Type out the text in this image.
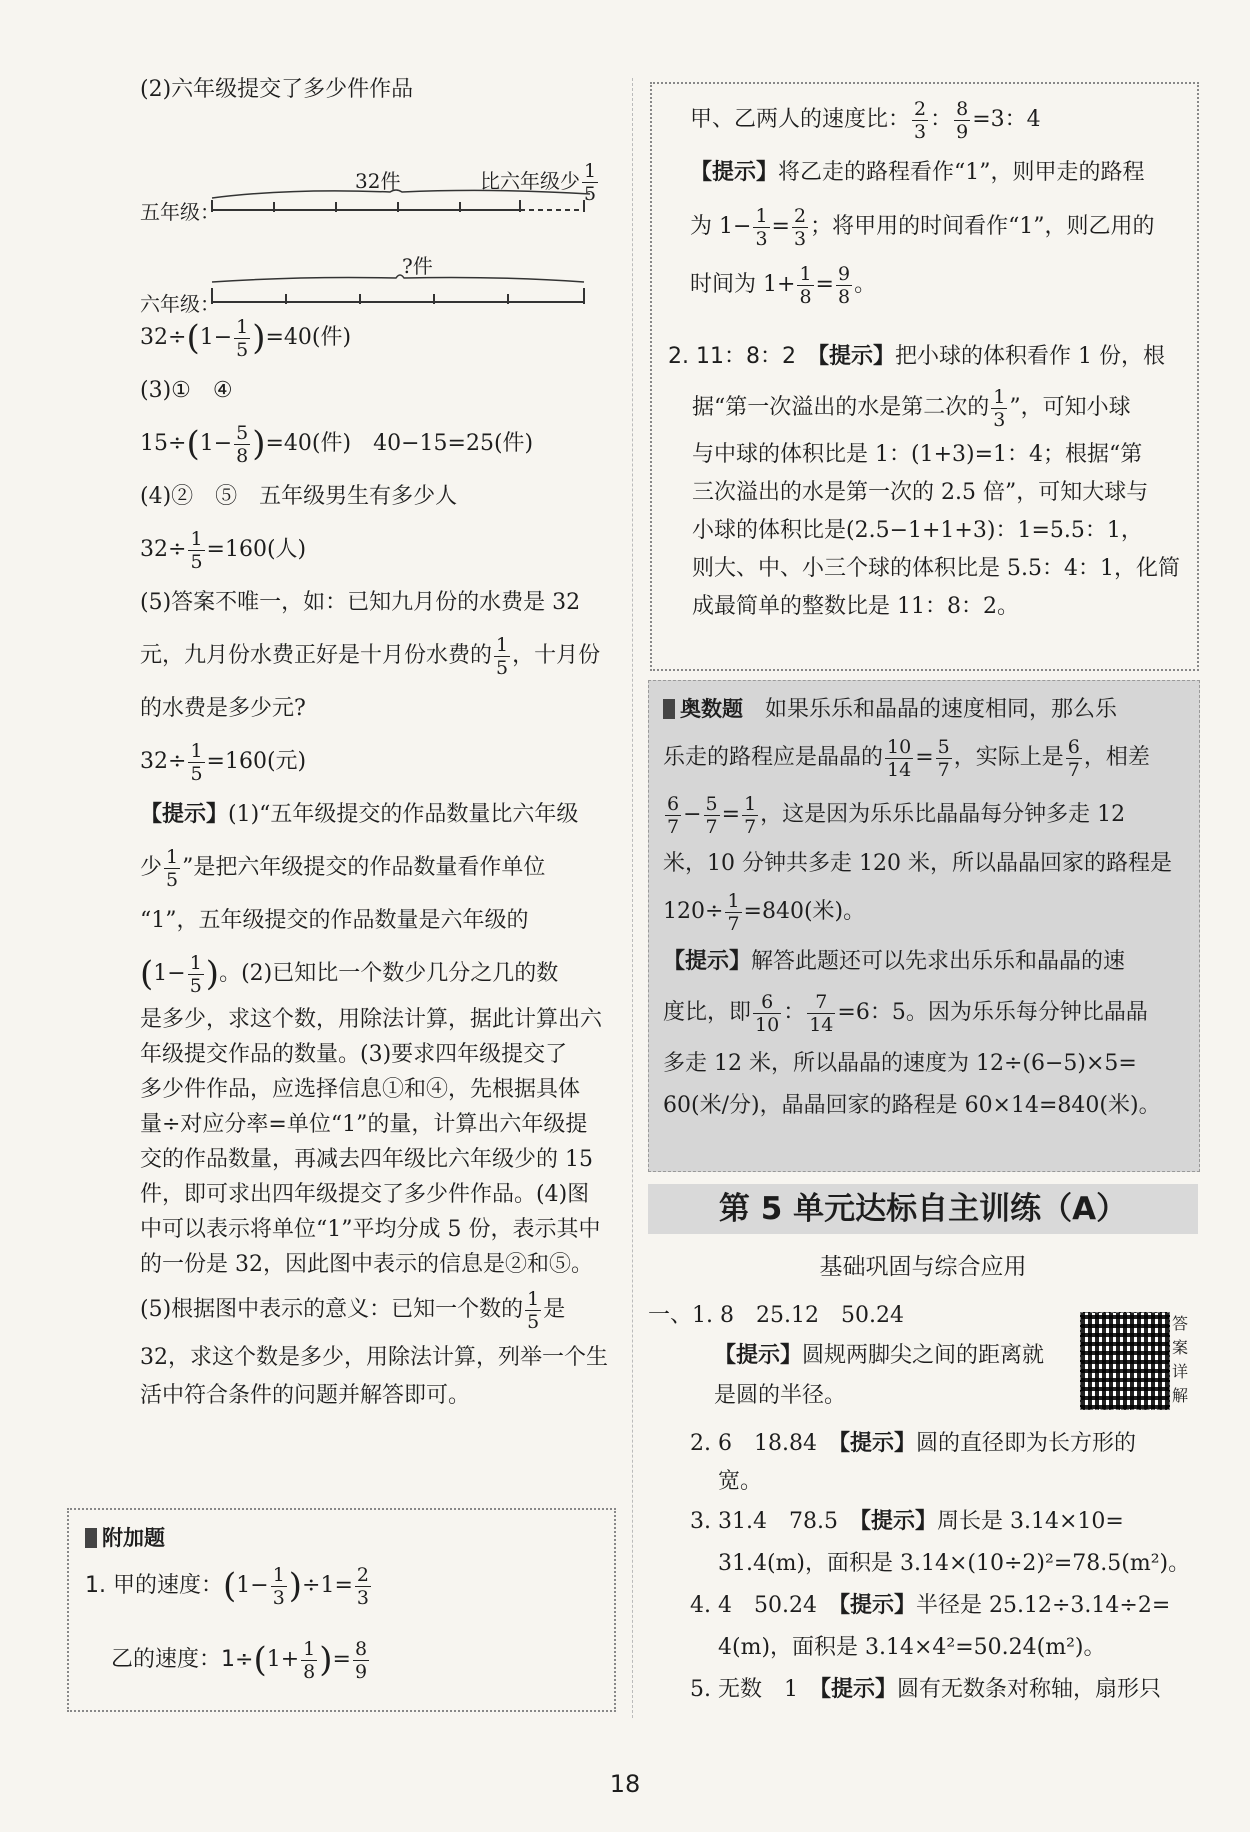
(2)六年级提交了多少件作品
五年级：
六年级：
32件	比六年级少 $\frac{1}{5}$
?件
$32\div(1- \frac{1}{5} )=40$(件)
(3)①　④
$15\div(1- \frac{5}{8} )=40$(件)　40−15=25(件)
(4)②　⑤　五年级男生有多少人
$32\div \frac{1}{5} =160$(人)
(5)答案不唯一，如：已知九月份的水费是 32
元，九月份水费正好是十月份水费的 $\frac{1}{5}$ ，十月份
的水费是多少元?
$32\div \frac{1}{5} =160$(元)
【提示】(1)“五年级提交的作品数量比六年级
少 $\frac{1}{5}$ ”是把六年级提交的作品数量看作单位
“1”，五年级提交的作品数量是六年级的
($1- \frac{1}{5}$ )。(2)已知比一个数少几分之几的数
是多少，求这个数，用除法计算，据此计算出六
年级提交作品的数量。(3)要求四年级提交了
多少件作品，应选择信息①和④，先根据具体
量÷对应分率=单位“1”的量，计算出六年级提
交的作品数量，再减去四年级比六年级少的 15
件，即可求出四年级提交了多少件作品。(4)图
中可以表示将单位“1”平均分成 5 份，表示其中
的一份是 32，因此图中表示的信息是②和⑤。
(5)根据图中表示的意义：已知一个数的 $\frac{1}{5}$ 是
32，求这个数是多少，用除法计算，列举一个生
活中符合条件的问题并解答即可。
附加题
1. 甲的速度：$(1- \frac{1}{3} )\div 1= \frac{2}{3}$
乙的速度：$1\div(1+ \frac{1}{8}$ )= $\frac{8}{9}$
甲、乙两人的速度比： $\frac{2}{3}$ ： $\frac{8}{9} =3$：4
【提示】将乙走的路程看作“1”，则甲走的路程
为 $1- \frac{1}{3} = \frac{2}{3}$ ；将甲用的时间看作“1”，则乙用的
时间为 $1+ \frac{1}{8} = \frac{9}{8}$ 。
2. 11：8：2　 【提示】把小球的体积看作 1 份，根
据“第一次溢出的水是第二次的 $\frac{1}{3}$ ”，可知小球
与中球的体积比是 1：(1+3)=1：4；根据“第
三次溢出的水是第一次的 2.5 倍”，可知大球与
小球的体积比是(2.5−1+1+3)：1=5.5：1，
则大、中、小三个球的体积比是 5.5：4：1，化简
成最简单的整数比是 11：8：2。
奥数题　 如果乐乐和晶晶的速度相同，那么乐
乐走的路程应是晶晶的 $\frac{10}{14} = \frac{5}{7}$ ，实际上是 $\frac{6}{7}$ ，相差
$\frac{6}{7} - \frac{5}{7} = \frac{1}{7}$ ，这是因为乐乐比晶晶每分钟多走 12
米，10 分钟共多走 120 米，所以晶晶回家的路程是
$120\div \frac{1}{7} =840$(米)。
【提示】解答此题还可以先求出乐乐和晶晶的速
度比，即 $\frac{6}{10}$ ： $\frac{7}{14} =6$：5。因为乐乐每分钟比晶晶
多走 12 米，所以晶晶的速度为 12÷(6−5)×5=
60(米/分)，晶晶回家的路程是 60×14=840(米)。
第 5 单元达标自主训练（A）
基础巩固与综合应用
一、1. 8　25.12　50.24
【提示】圆规两脚尖之间的距离就
是圆的半径。
答案详解
2. 6　18.84　 【提示】圆的直径即为长方形的
宽。
3. 31.4　78.5　 【提示】周长是 3.14×10=
31.4(m)，面积是 3.14×(10÷2)²=78.5(m²)。
4. 4　50.24　 【提示】半径是 25.12÷3.14÷2=
4(m)，面积是 3.14×4²=50.24(m²)。
5. 无数　1　 【提示】圆有无数条对称轴，扇形只
18
